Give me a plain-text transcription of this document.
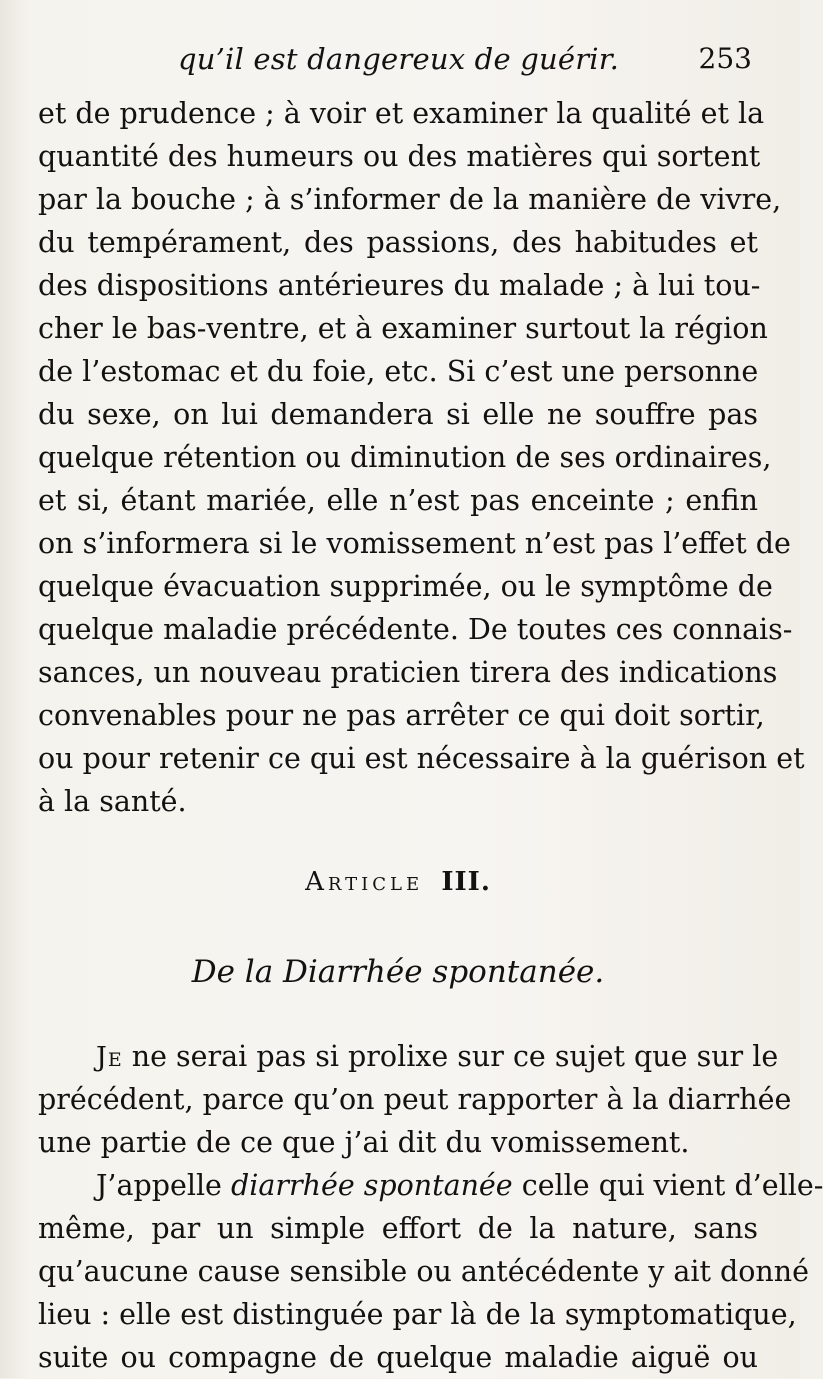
qu’il est dangereux de guérir.	253
et de prudence ; à voir et examiner la qualité et la
quantité des humeurs ou des matières qui sortent
par la bouche ; à s’informer de la manière de vivre,
du tempérament, des passions, des habitudes et
des dispositions antérieures du malade ; à lui tou-
cher le bas-ventre, et à examiner surtout la région
de l’estomac et du foie, etc. Si c’est une personne
du sexe, on lui demandera si elle ne souffre pas
quelque rétention ou diminution de ses ordinaires,
et si, étant mariée, elle n’est pas enceinte ; enfin
on s’informera si le vomissement n’est pas l’effet de
quelque évacuation supprimée, ou le symptôme de
quelque maladie précédente. De toutes ces connais-
sances, un nouveau praticien tirera des indications
convenables pour ne pas arrêter ce qui doit sortir,
ou pour retenir ce qui est nécessaire à la guérison et
à la santé.
Article III.
De la Diarrhée spontanée.
Je ne serai pas si prolixe sur ce sujet que sur le
précédent, parce qu’on peut rapporter à la diarrhée
une partie de ce que j’ai dit du vomissement.
J’appelle diarrhée spontanée celle qui vient d’elle-
même, par un simple effort de la nature, sans
qu’aucune cause sensible ou antécédente y ait donné
lieu : elle est distinguée par là de la symptomatique,
suite ou compagne de quelque maladie aiguë ou
